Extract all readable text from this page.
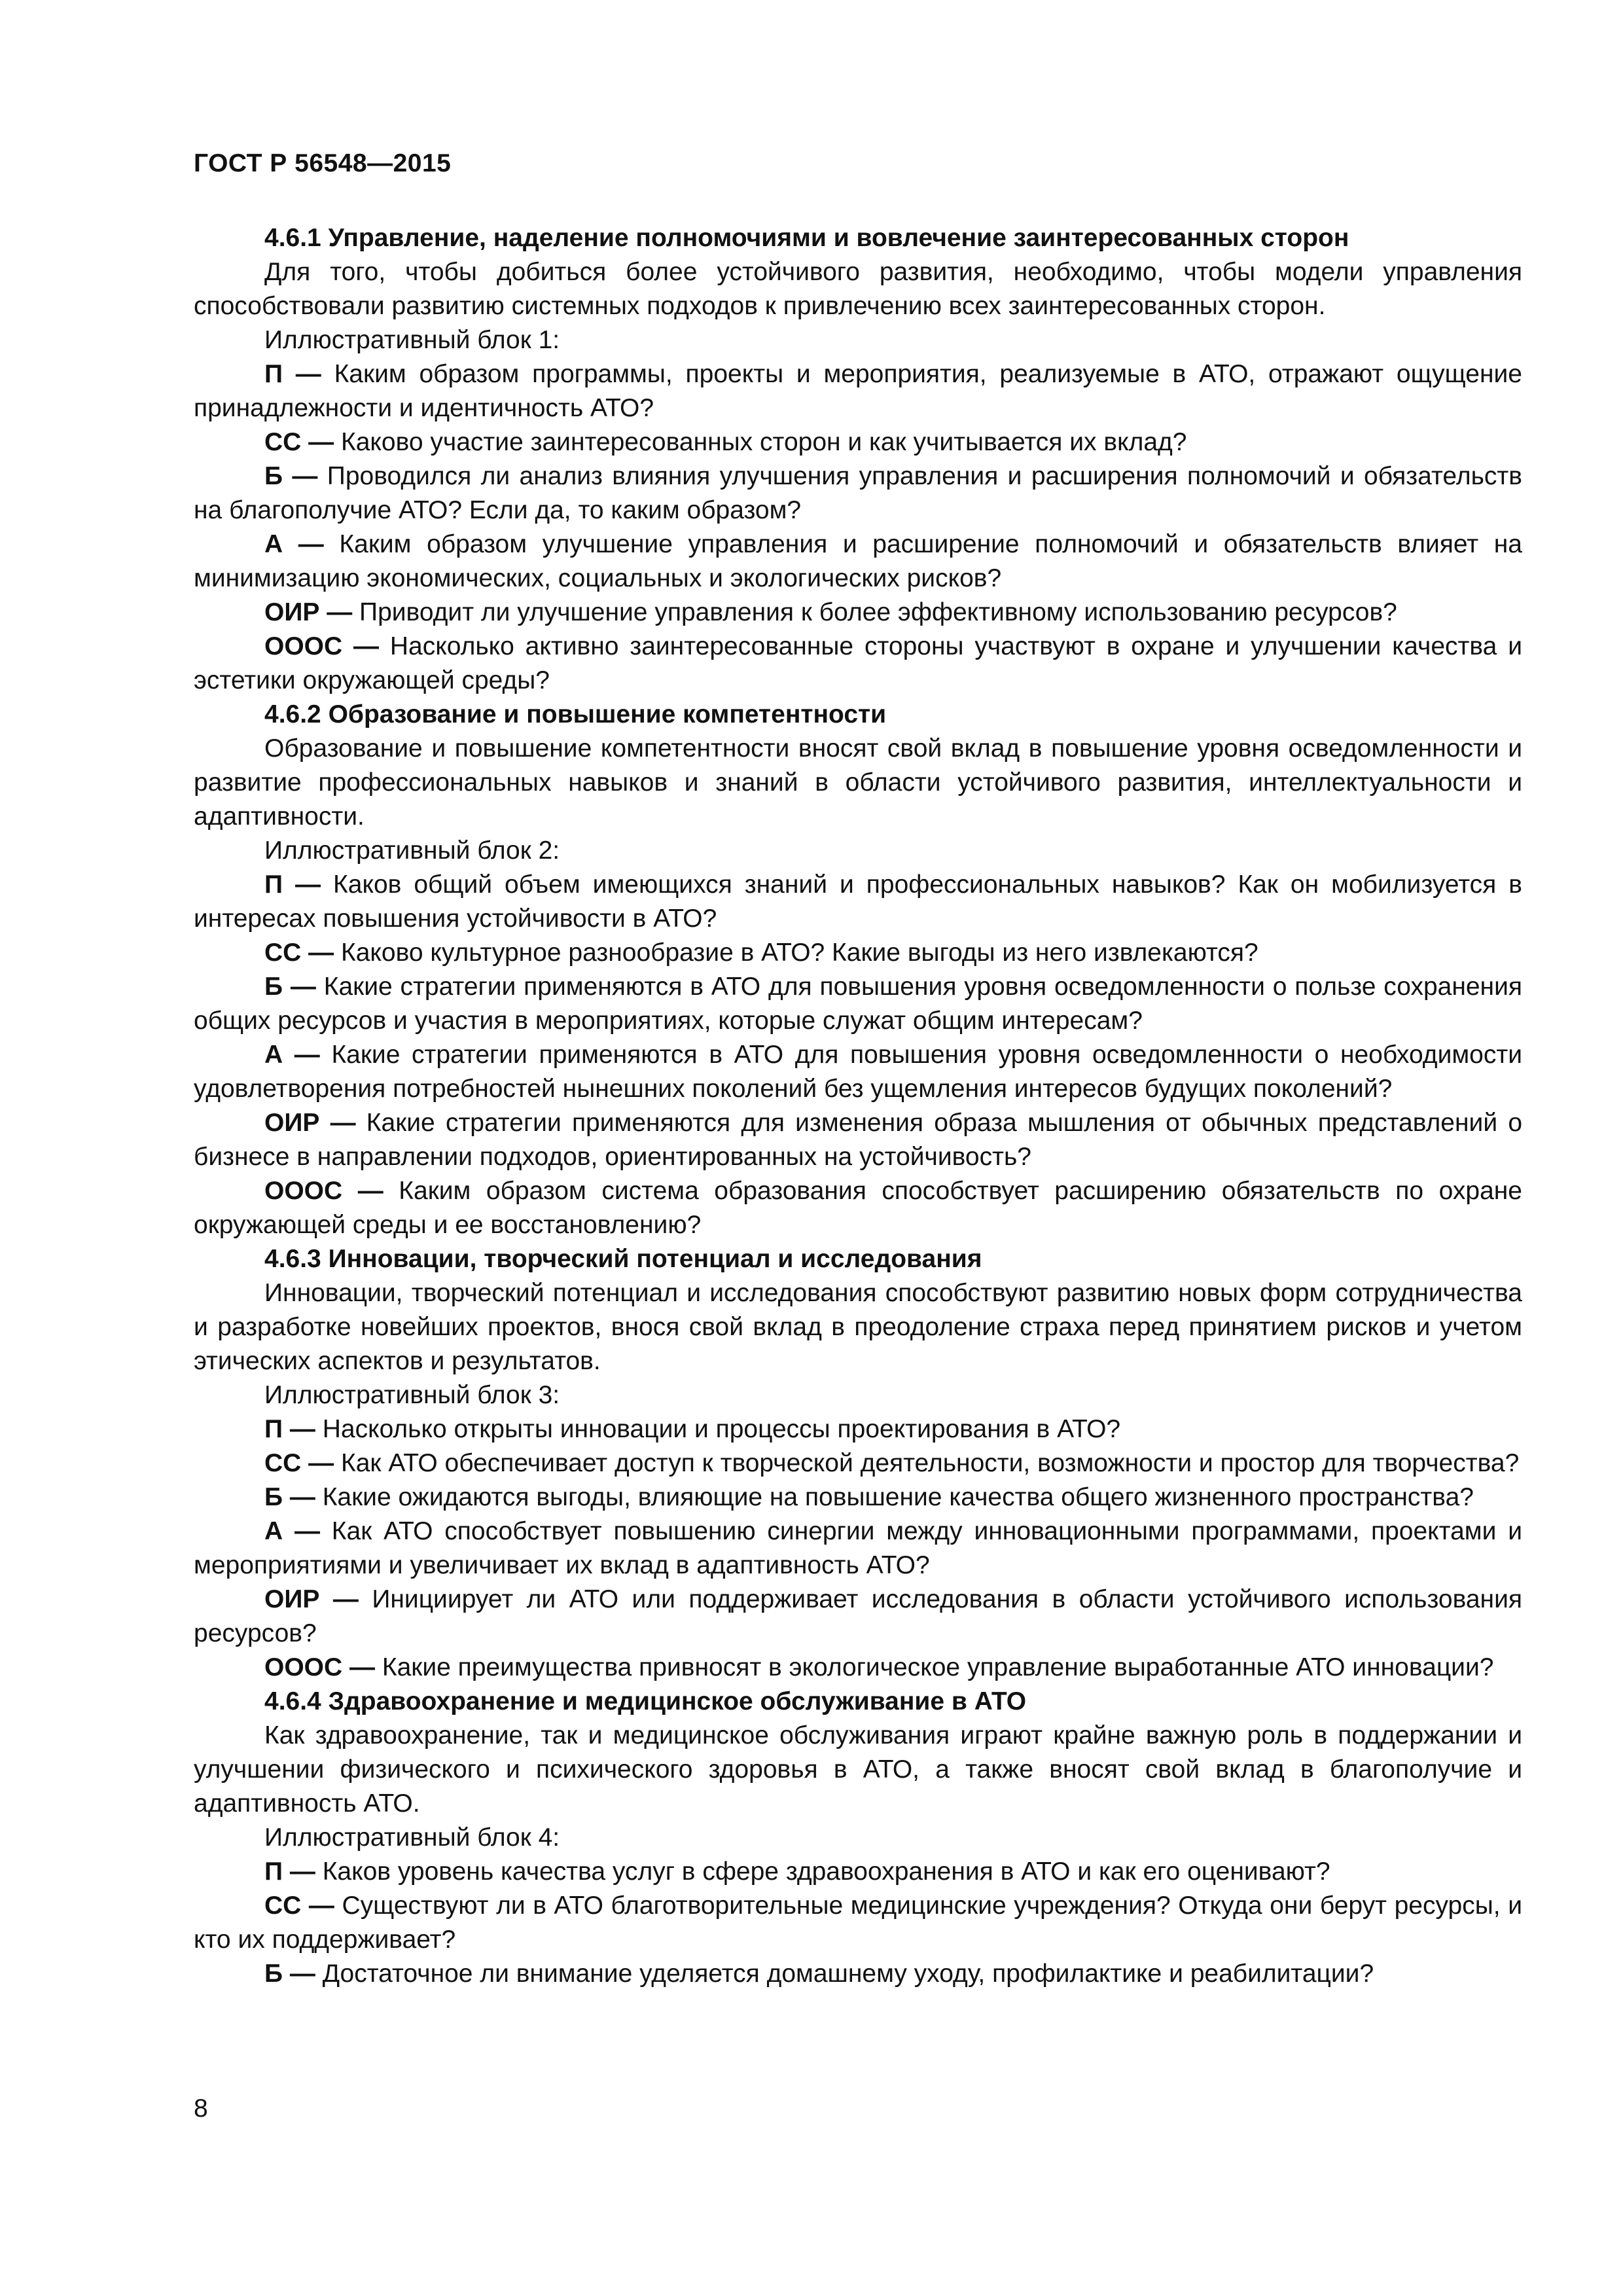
ГОСТ Р 56548—2015

4.6.1 Управление, наделение полномочиями и вовлечение заинтересованных сторон

Для того, чтобы добиться более устойчивого развития, необходимо, чтобы модели управления способствовали развитию системных подходов к привлечению всех заинтересованных сторон.

Иллюстративный блок 1:

П — Каким образом программы, проекты и мероприятия, реализуемые в АТО, отражают ощущение принадлежности и идентичность АТО?

СС — Каково участие заинтересованных сторон и как учитывается их вклад?

Б — Проводился ли анализ влияния улучшения управления и расширения полномочий и обязательств на благополучие АТО? Если да, то каким образом?

А — Каким образом улучшение управления и расширение полномочий и обязательств влияет на минимизацию экономических, социальных и экологических рисков?

ОИР — Приводит ли улучшение управления к более эффективному использованию ресурсов?

ОООС — Насколько активно заинтересованные стороны участвуют в охране и улучшении качества и эстетики окружающей среды?

4.6.2 Образование и повышение компетентности

Образование и повышение компетентности вносят свой вклад в повышение уровня осведомленности и развитие профессиональных навыков и знаний в области устойчивого развития, интеллектуальности и адаптивности.

Иллюстративный блок 2:

П — Каков общий объем имеющихся знаний и профессиональных навыков? Как он мобилизуется в интересах повышения устойчивости в АТО?

СС — Каково культурное разнообразие в АТО? Какие выгоды из него извлекаются?

Б — Какие стратегии применяются в АТО для повышения уровня осведомленности о пользе сохранения общих ресурсов и участия в мероприятиях, которые служат общим интересам?

А — Какие стратегии применяются в АТО для повышения уровня осведомленности о необходимости удовлетворения потребностей нынешних поколений без ущемления интересов будущих поколений?

ОИР — Какие стратегии применяются для изменения образа мышления от обычных представлений о бизнесе в направлении подходов, ориентированных на устойчивость?

ОООС — Каким образом система образования способствует расширению обязательств по охране окружающей среды и ее восстановлению?

4.6.3 Инновации, творческий потенциал и исследования

Инновации, творческий потенциал и исследования способствуют развитию новых форм сотрудничества и разработке новейших проектов, внося свой вклад в преодоление страха перед принятием рисков и учетом этических аспектов и результатов.

Иллюстративный блок 3:

П — Насколько открыты инновации и процессы проектирования в АТО?

СС — Как АТО обеспечивает доступ к творческой деятельности, возможности и простор для творчества?

Б — Какие ожидаются выгоды, влияющие на повышение качества общего жизненного пространства?

А — Как АТО способствует повышению синергии между инновационными программами, проектами и мероприятиями и увеличивает их вклад в адаптивность АТО?

ОИР — Инициирует ли АТО или поддерживает исследования в области устойчивого использования ресурсов?

ОООС — Какие преимущества привносят в экологическое управление выработанные АТО инновации?

4.6.4 Здравоохранение и медицинское обслуживание в АТО

Как здравоохранение, так и медицинское обслуживания играют крайне важную роль в поддержании и улучшении физического и психического здоровья в АТО, а также вносят свой вклад в благополучие и адаптивность АТО.

Иллюстративный блок 4:

П — Каков уровень качества услуг в сфере здравоохранения в АТО и как его оценивают?

СС — Существуют ли в АТО благотворительные медицинские учреждения? Откуда они берут ресурсы, и кто их поддерживает?

Б — Достаточное ли внимание уделяется домашнему уходу, профилактике и реабилитации?

8
